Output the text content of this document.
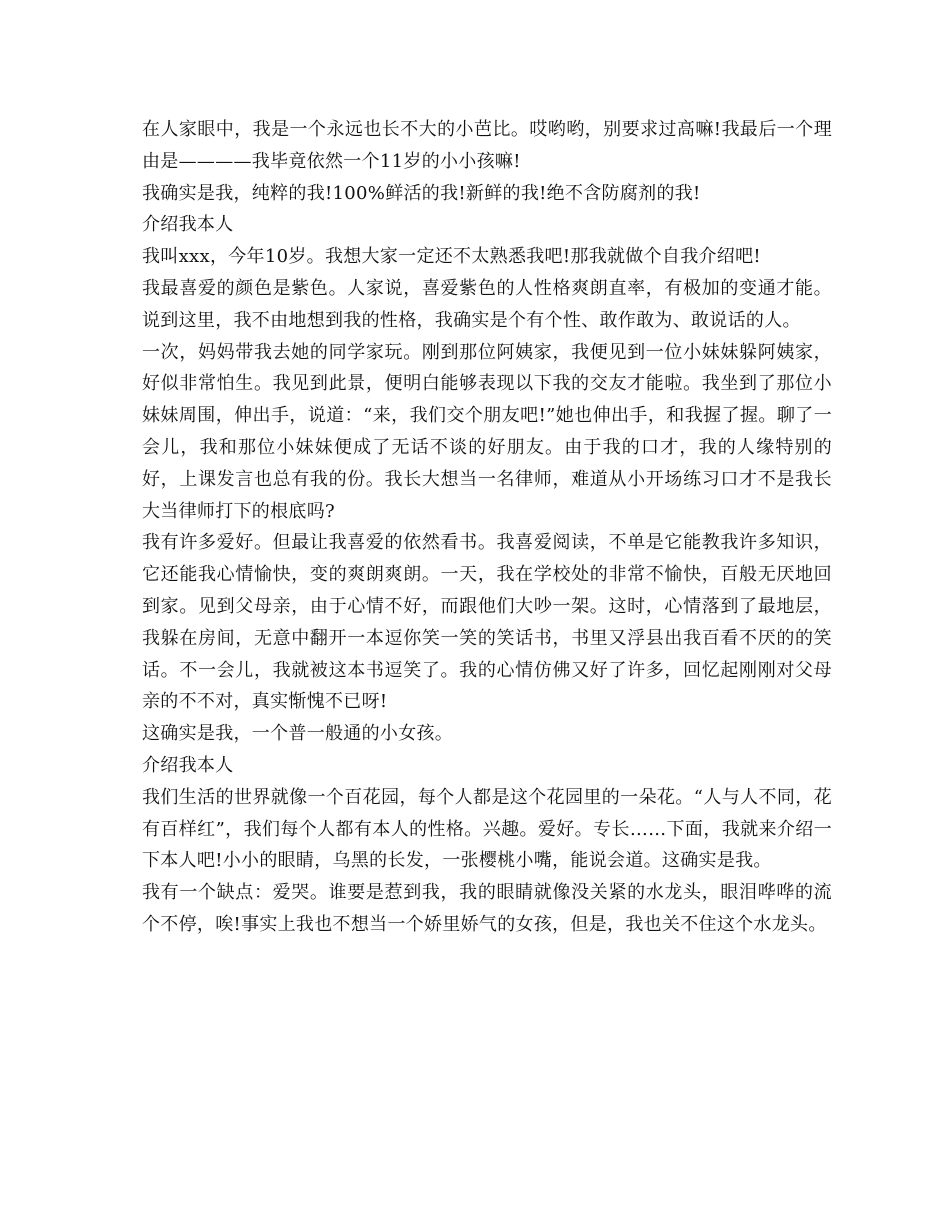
在人家眼中，我是一个永远也长不大的小芭比。哎哟哟，别要求过高嘛!我最后一个理由是————我毕竟依然一个11岁的小小孩嘛!

我确实是我，纯粹的我!100%鲜活的我!新鲜的我!绝不含防腐剂的我!

介绍我本人

我叫xxx，今年10岁。我想大家一定还不太熟悉我吧!那我就做个自我介绍吧!

我最喜爱的颜色是紫色。人家说，喜爱紫色的人性格爽朗直率，有极加的变通才能。说到这里，我不由地想到我的性格，我确实是个有个性、敢作敢为、敢说话的人。

一次，妈妈带我去她的同学家玩。刚到那位阿姨家，我便见到一位小妹妹躲阿姨家，好似非常怕生。我见到此景，便明白能够表现以下我的交友才能啦。我坐到了那位小妹妹周围，伸出手，说道：“来，我们交个朋友吧!”她也伸出手，和我握了握。聊了一会儿，我和那位小妹妹便成了无话不谈的好朋友。由于我的口才，我的人缘特别的好，上课发言也总有我的份。我长大想当一名律师，难道从小开场练习口才不是我长大当律师打下的根底吗?

我有许多爱好。但最让我喜爱的依然看书。我喜爱阅读，不单是它能教我许多知识，它还能我心情愉快，变的爽朗爽朗。一天，我在学校处的非常不愉快，百般无厌地回到家。见到父母亲，由于心情不好，而跟他们大吵一架。这时，心情落到了最地层，我躲在房间，无意中翻开一本逗你笑一笑的笑话书，书里又浮县出我百看不厌的的笑话。不一会儿，我就被这本书逗笑了。我的心情仿佛又好了许多，回忆起刚刚对父母亲的不不对，真实惭愧不已呀!

这确实是我，一个普一般通的小女孩。

介绍我本人

我们生活的世界就像一个百花园，每个人都是这个花园里的一朵花。“人与人不同，花有百样红”，我们每个人都有本人的性格。兴趣。爱好。专长……下面，我就来介绍一下本人吧!小小的眼睛，乌黑的长发，一张樱桃小嘴，能说会道。这确实是我。

我有一个缺点：爱哭。谁要是惹到我，我的眼睛就像没关紧的水龙头，眼泪哗哗的流个不停，唉!事实上我也不想当一个娇里娇气的女孩，但是，我也关不住这个水龙头。
